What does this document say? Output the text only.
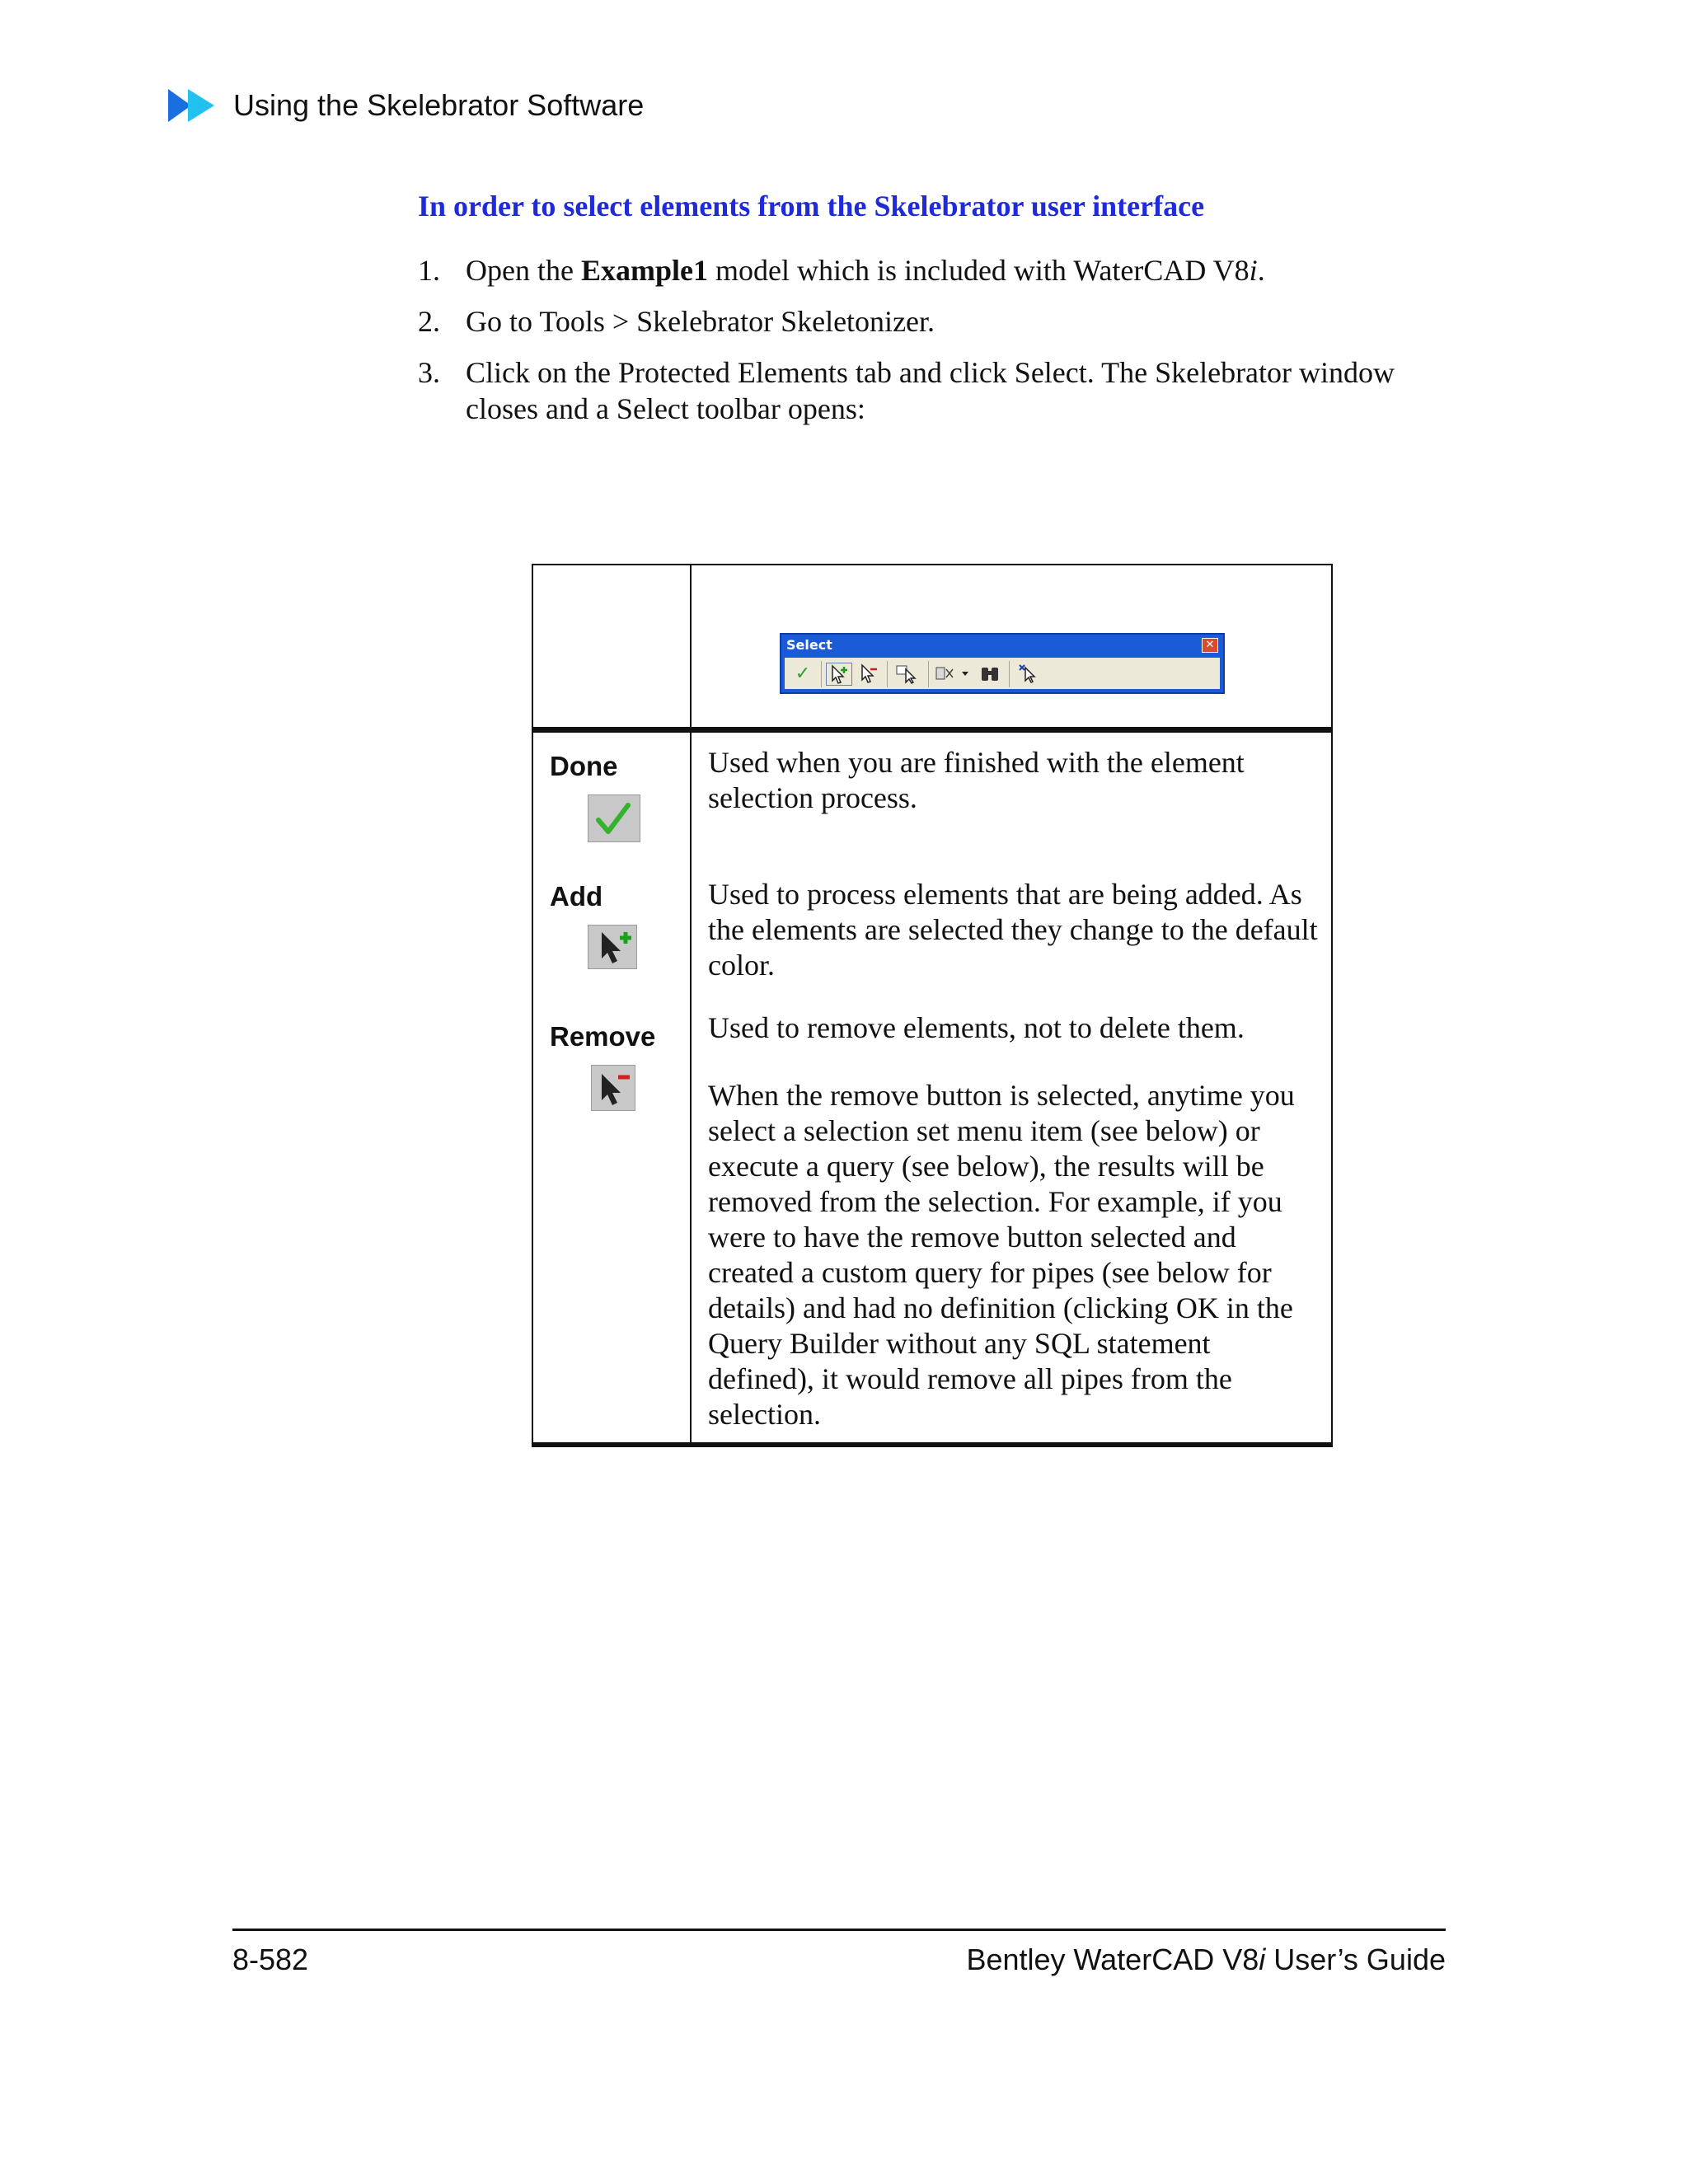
Using the Skelebrator Software
In order to select elements from the Skelebrator user interface
1. Open the Example1 model which is included with WaterCAD V8i.
2. Go to Tools > Skelebrator Skeletonizer.
3. Click on the Protected Elements tab and click Select. The Skelebrator window closes and a Select toolbar opens:
Select	✕
✓
Done	Used when you are finished with the element selection process.
Add	Used to process elements that are being added. As the elements are selected they change to the default color.
Remove Used to remove elements, not to delete them.
When the remove button is selected, anytime you select a selection set menu item (see below) or execute a query (see below), the results will be removed from the selection. For example, if you were to have the remove button selected and created a custom query for pipes (see below for details) and had no definition (clicking OK in the Query Builder without any SQL statement defined), it would remove all pipes from the selection.
8-582	Bentley WaterCAD V8i User’s Guide
